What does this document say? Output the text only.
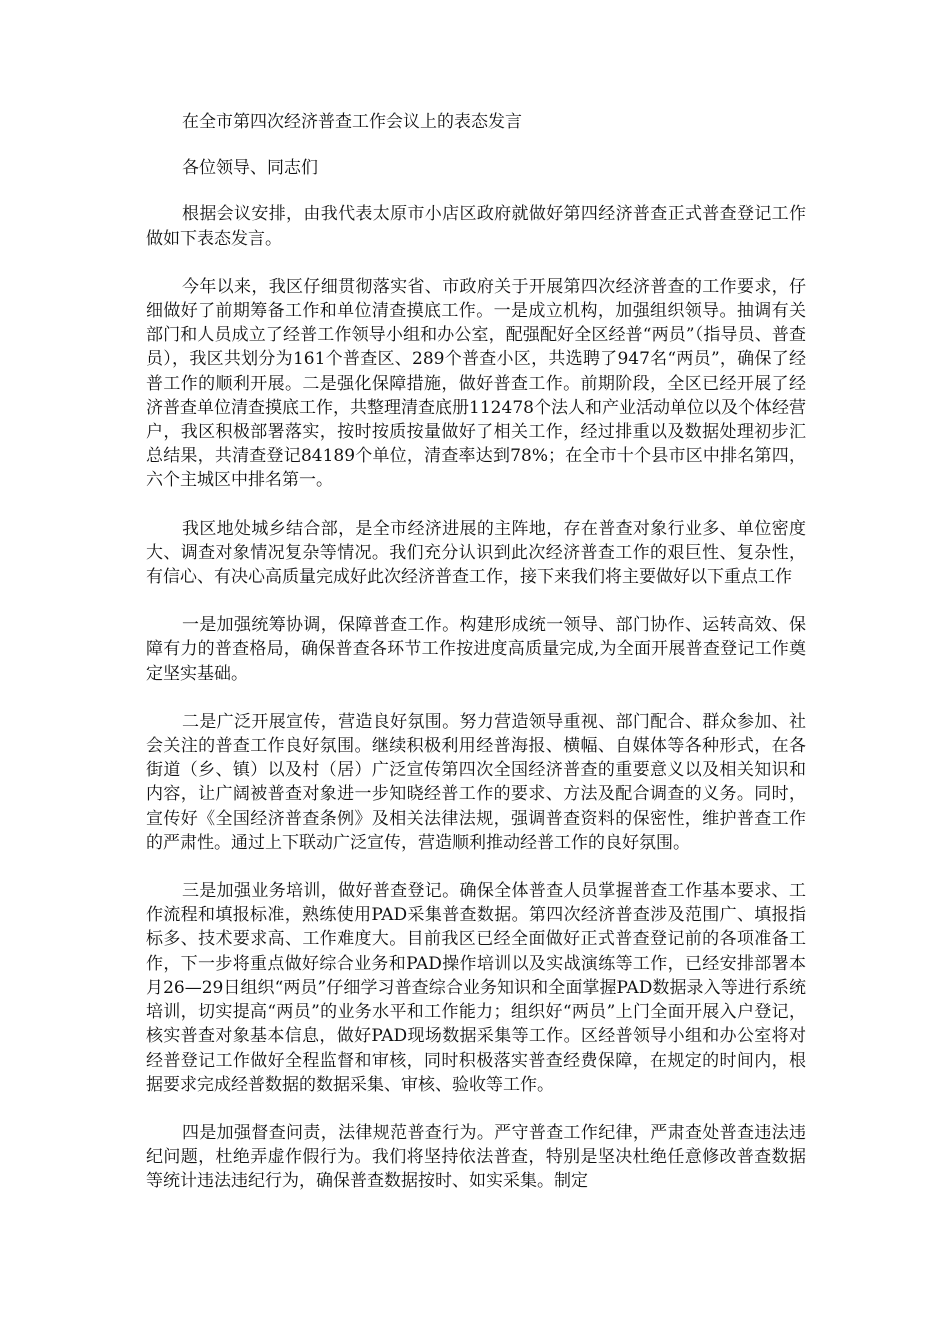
在全市第四次经济普查工作会议上的表态发言

各位领导、同志们

根据会议安排，由我代表太原市小店区政府就做好第四经济普查正式普查登记工作做如下表态发言。

今年以来，我区仔细贯彻落实省、市政府关于开展第四次经济普查的工作要求，仔细做好了前期筹备工作和单位清查摸底工作。一是成立机构，加强组织领导。抽调有关部门和人员成立了经普工作领导小组和办公室，配强配好全区经普“两员”（指导员、普查员），我区共划分为161个普查区、289个普查小区，共选聘了947名“两员”，确保了经普工作的顺利开展。二是强化保障措施，做好普查工作。前期阶段，全区已经开展了经济普查单位清查摸底工作，共整理清查底册112478个法人和产业活动单位以及个体经营户，我区积极部署落实，按时按质按量做好了相关工作，经过排重以及数据处理初步汇总结果，共清查登记84189个单位，清查率达到78%；在全市十个县市区中排名第四，六个主城区中排名第一。

我区地处城乡结合部，是全市经济进展的主阵地，存在普查对象行业多、单位密度大、调查对象情况复杂等情况。我们充分认识到此次经济普查工作的艰巨性、复杂性，有信心、有决心高质量完成好此次经济普查工作，接下来我们将主要做好以下重点工作

一是加强统筹协调，保障普查工作。构建形成统一领导、部门协作、运转高效、保障有力的普查格局，确保普查各环节工作按进度高质量完成,为全面开展普查登记工作奠定坚实基础。

二是广泛开展宣传，营造良好氛围。努力营造领导重视、部门配合、群众参加、社会关注的普查工作良好氛围。继续积极利用经普海报、横幅、自媒体等各种形式，在各街道（乡、镇）以及村（居）广泛宣传第四次全国经济普查的重要意义以及相关知识和内容，让广阔被普查对象进一步知晓经普工作的要求、方法及配合调查的义务。同时，宣传好《全国经济普查条例》及相关法律法规，强调普查资料的保密性，维护普查工作的严肃性。通过上下联动广泛宣传，营造顺利推动经普工作的良好氛围。

三是加强业务培训，做好普查登记。确保全体普查人员掌握普查工作基本要求、工作流程和填报标准，熟练使用PAD采集普查数据。第四次经济普查涉及范围广、填报指标多、技术要求高、工作难度大。目前我区已经全面做好正式普查登记前的各项准备工作，下一步将重点做好综合业务和PAD操作培训以及实战演练等工作，已经安排部署本月26—29日组织“两员”仔细学习普查综合业务知识和全面掌握PAD数据录入等进行系统培训，切实提高“两员”的业务水平和工作能力；组织好“两员”上门全面开展入户登记，核实普查对象基本信息，做好PAD现场数据采集等工作。区经普领导小组和办公室将对经普登记工作做好全程监督和审核，同时积极落实普查经费保障，在规定的时间内，根据要求完成经普数据的数据采集、审核、验收等工作。

四是加强督查问责，法律规范普查行为。严守普查工作纪律，严肃查处普查违法违纪问题，杜绝弄虚作假行为。我们将坚持依法普查，特别是坚决杜绝任意修改普查数据等统计违法违纪行为，确保普查数据按时、如实采集。制定
